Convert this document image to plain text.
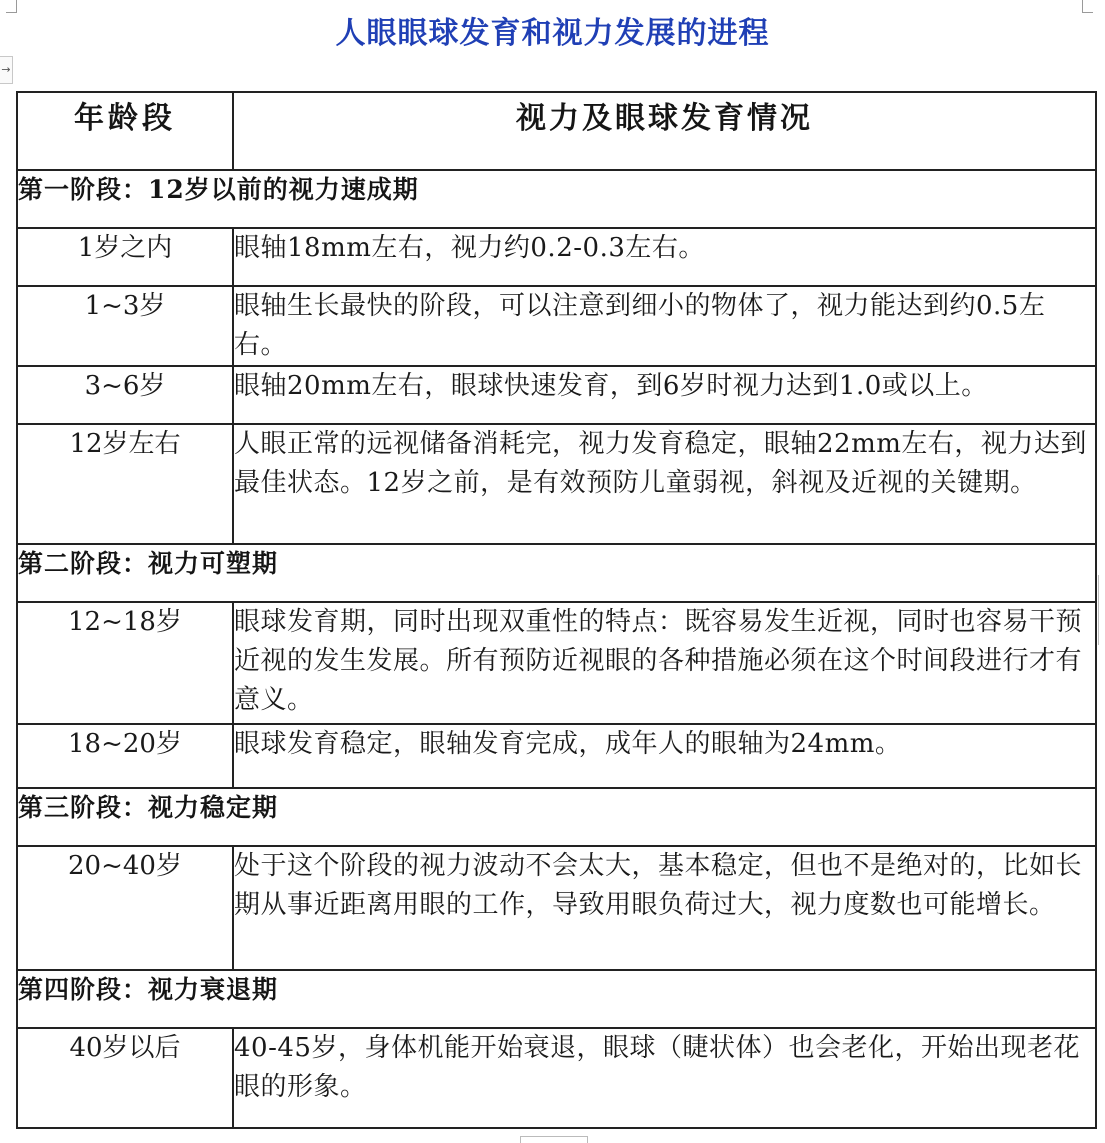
→
人眼眼球发育和视力发展的进程
年龄段	视力及眼球发育情况
第一阶段：12岁以前的视力速成期	
1岁之内	眼轴18mm左右，视力约0.2-0.3左右。
1~3岁	眼轴生长最快的阶段，可以注意到细小的物体了，视力能达到约0.5左右。
3~6岁	眼轴20mm左右，眼球快速发育，到6岁时视力达到1.0或以上。
12岁左右	人眼正常的远视储备消耗完，视力发育稳定，眼轴22mm左右，视力达到最佳状态。12岁之前，是有效预防儿童弱视，斜视及近视的关键期。
第二阶段：视力可塑期	
12~18岁	眼球发育期，同时出现双重性的特点：既容易发生近视，同时也容易干预近视的发生发展。所有预防近视眼的各种措施必须在这个时间段进行才有意义。
18~20岁	眼球发育稳定，眼轴发育完成，成年人的眼轴为24mm。
第三阶段：视力稳定期	
20~40岁	处于这个阶段的视力波动不会太大，基本稳定，但也不是绝对的，比如长期从事近距离用眼的工作，导致用眼负荷过大，视力度数也可能增长。
第四阶段：视力衰退期	
40岁以后	40-45岁，身体机能开始衰退，眼球（睫状体）也会老化，开始出现老花眼的形象。
